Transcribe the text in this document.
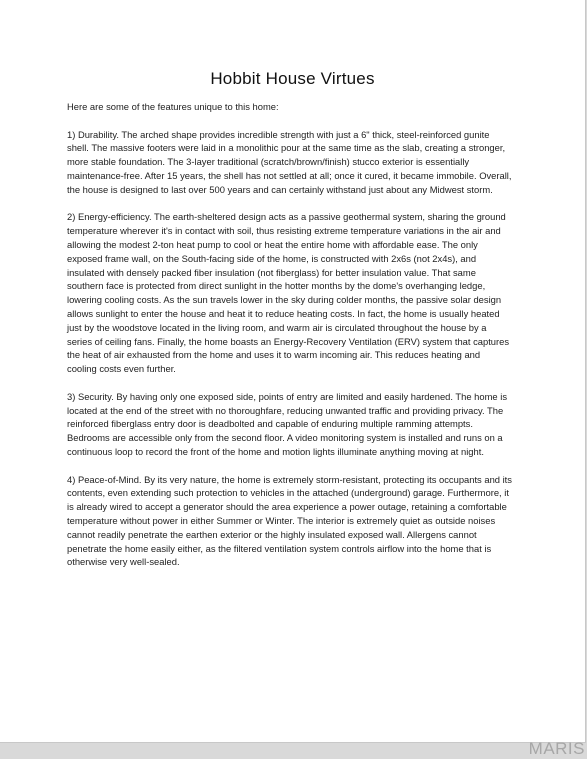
Hobbit House Virtues

Here are some of the features unique to this home:

1) Durability. The arched shape provides incredible strength with just a 6" thick, steel-reinforced gunite shell. The massive footers were laid in a monolithic pour at the same time as the slab, creating a stronger, more stable foundation. The 3-layer traditional (scratch/brown/finish) stucco exterior is essentially maintenance-free. After 15 years, the shell has not settled at all; once it cured, it became immobile. Overall, the house is designed to last over 500 years and can certainly withstand just about any Midwest storm.

2) Energy-efficiency. The earth-sheltered design acts as a passive geothermal system, sharing the ground temperature wherever it's in contact with soil, thus resisting extreme temperature variations in the air and allowing the modest 2-ton heat pump to cool or heat the entire home with affordable ease. The only exposed frame wall, on the South-facing side of the home, is constructed with 2x6s (not 2x4s), and insulated with densely packed fiber insulation (not fiberglass) for better insulation value. That same southern face is protected from direct sunlight in the hotter months by the dome's overhanging ledge, lowering cooling costs. As the sun travels lower in the sky during colder months, the passive solar design allows sunlight to enter the house and heat it to reduce heating costs. In fact, the home is usually heated just by the woodstove located in the living room, and warm air is circulated throughout the house by a series of ceiling fans. Finally, the home boasts an Energy-Recovery Ventilation (ERV) system that captures the heat of air exhausted from the home and uses it to warm incoming air. This reduces heating and cooling costs even further.

3) Security. By having only one exposed side, points of entry are limited and easily hardened. The home is located at the end of the street with no thoroughfare, reducing unwanted traffic and providing privacy. The reinforced fiberglass entry door is deadbolted and capable of enduring multiple ramming attempts. Bedrooms are accessible only from the second floor. A video monitoring system is installed and runs on a continuous loop to record the front of the home and motion lights illuminate anything moving at night.

4) Peace-of-Mind. By its very nature, the home is extremely storm-resistant, protecting its occupants and its contents, even extending such protection to vehicles in the attached (underground) garage. Furthermore, it is already wired to accept a generator should the area experience a power outage, retaining a comfortable temperature without power in either Summer or Winter. The interior is extremely quiet as outside noises cannot readily penetrate the earthen exterior or the highly insulated exposed wall. Allergens cannot penetrate the home easily either, as the filtered ventilation system controls airflow into the home that is otherwise very well-sealed.

MARIS
